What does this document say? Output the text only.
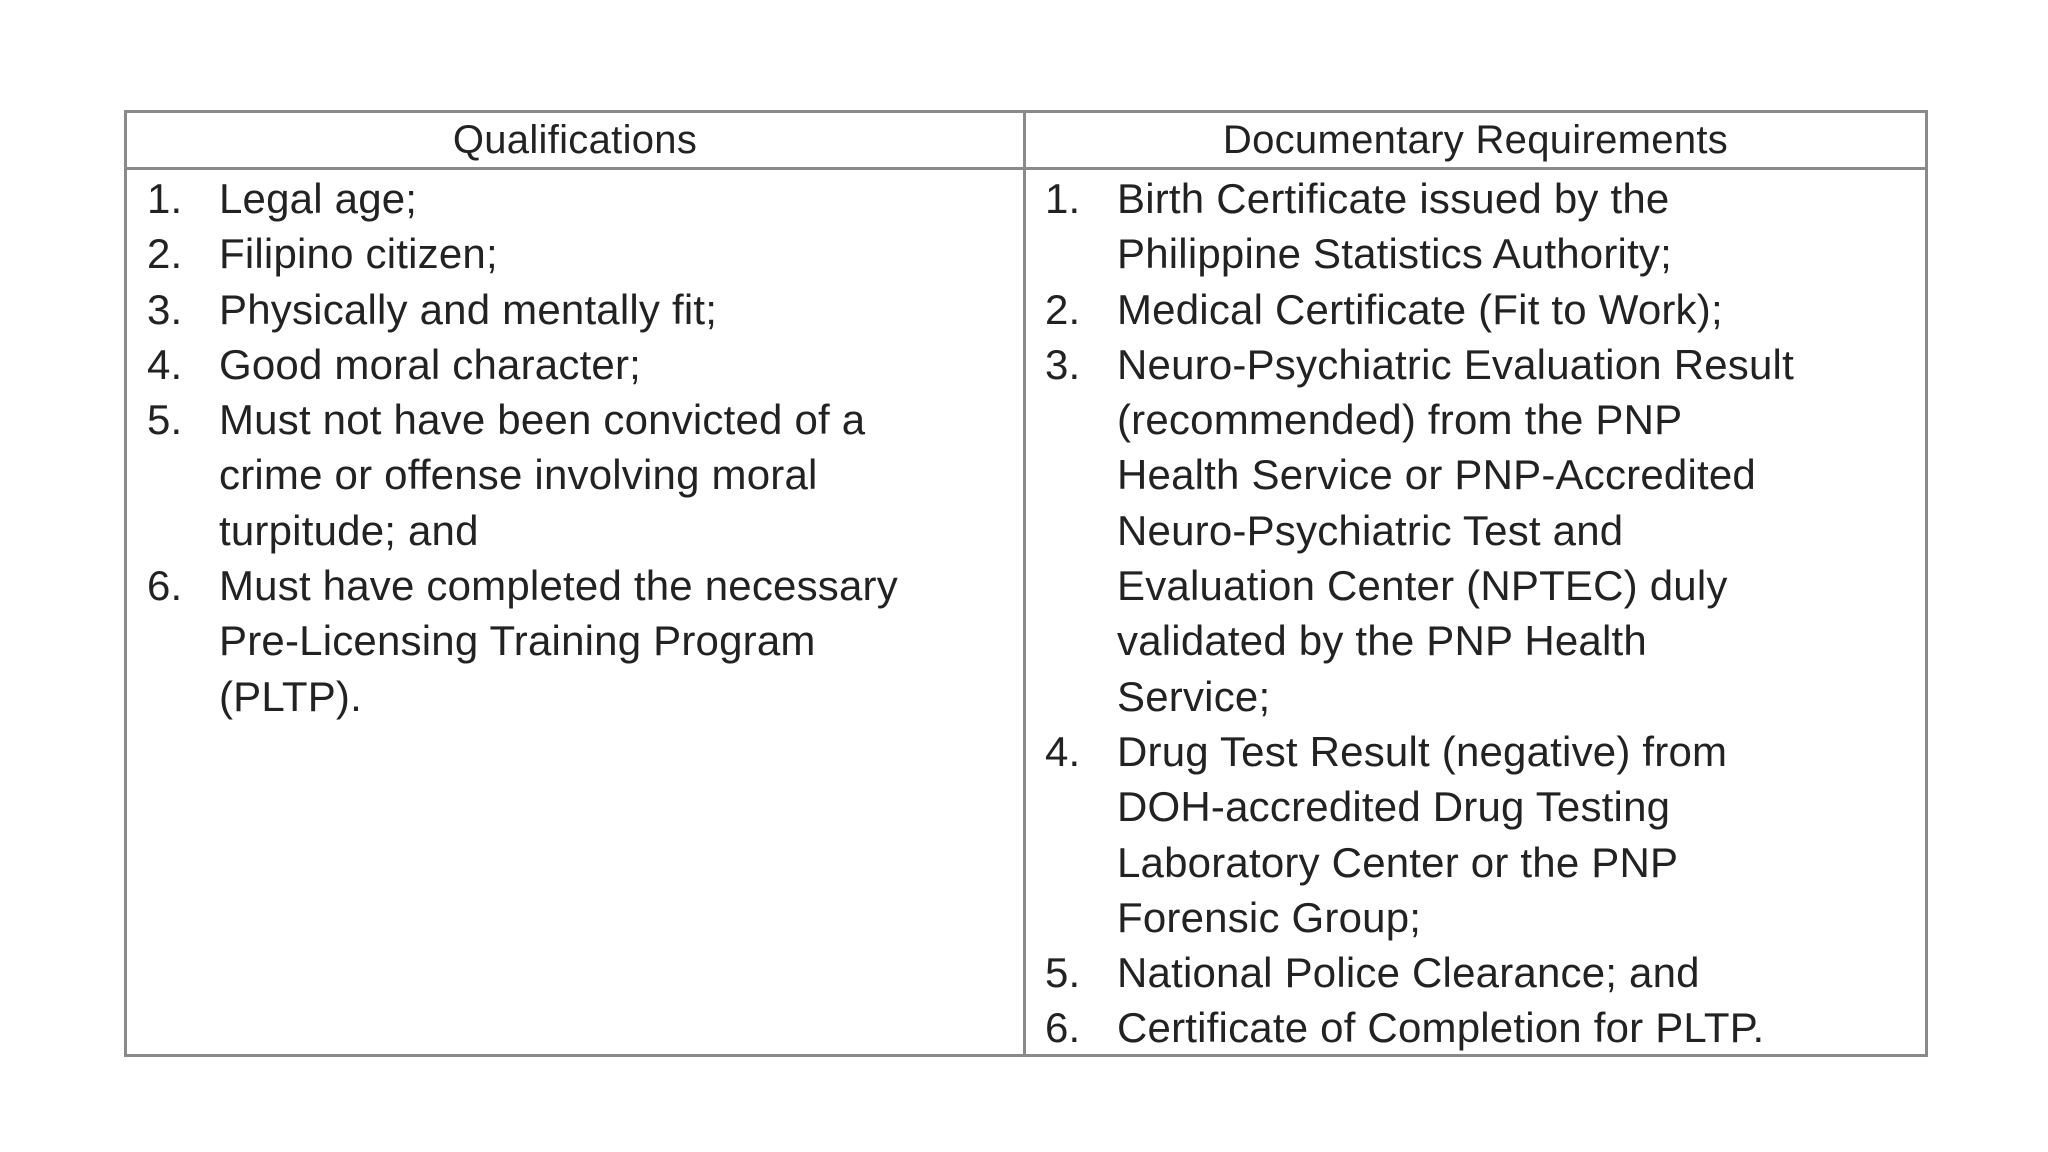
Qualifications	Documentary Requirements
1. Legal age;
2. Filipino citizen;
3. Physically and mentally fit;
4. Good moral character;
5. Must not have been convicted of a
crime or offense involving moral
turpitude; and
6. Must have completed the necessary
Pre-Licensing Training Program
(PLTP).
1. Birth Certificate issued by the
Philippine Statistics Authority;
2. Medical Certificate (Fit to Work);
3. Neuro-Psychiatric Evaluation Result
(recommended) from the PNP
Health Service or PNP-Accredited
Neuro-Psychiatric Test and
Evaluation Center (NPTEC) duly
validated by the PNP Health
Service;
4. Drug Test Result (negative) from
DOH-accredited Drug Testing
Laboratory Center or the PNP
Forensic Group;
5. National Police Clearance; and
6. Certificate of Completion for PLTP.
